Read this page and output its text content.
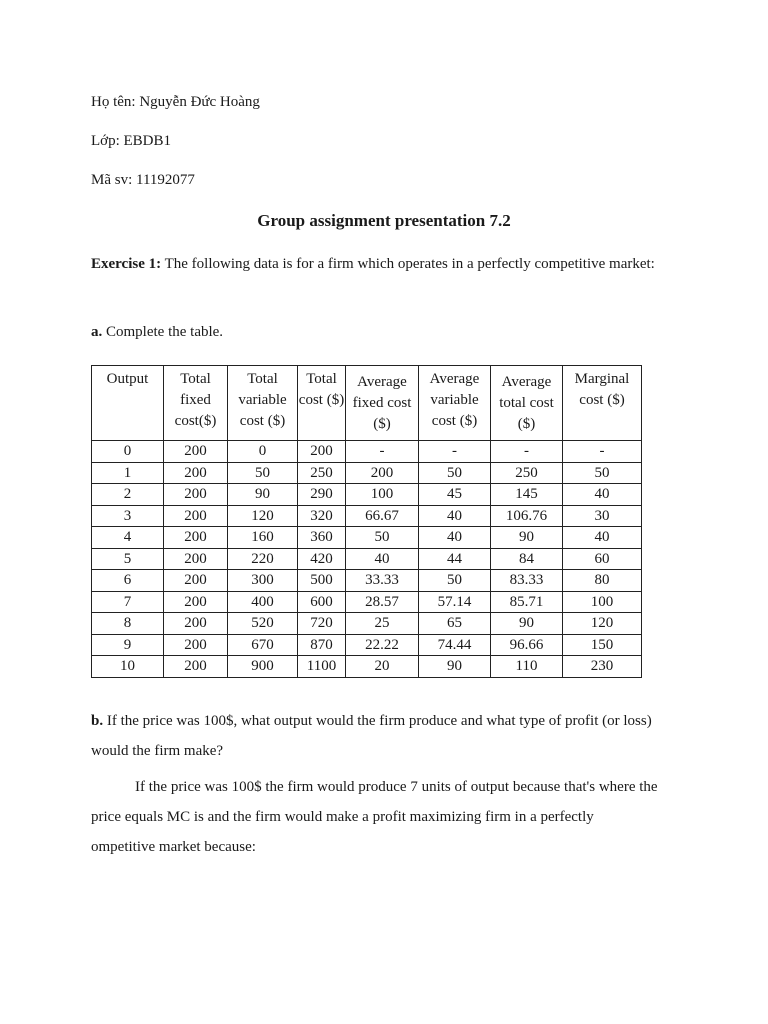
Họ tên: Nguyễn Đức Hoàng

Lớp: EBDB1

Mã sv: 11192077

Group assignment presentation 7.2

Exercise 1: The following data is for a firm which operates in a perfectly competitive market:

a. Complete the table.

Output	Total fixed cost($)	Total variable cost ($)	Total cost ($)	Average fixed cost ($)	Average variable cost ($)	Average total cost ($)	Marginal cost ($)
0	200	0	200	-	-	-	-
1	200	50	250	200	50	250	50
2	200	90	290	100	45	145	40
3	200	120	320	66.67	40	106.76	30
4	200	160	360	50	40	90	40
5	200	220	420	40	44	84	60
6	200	300	500	33.33	50	83.33	80
7	200	400	600	28.57	57.14	85.71	100
8	200	520	720	25	65	90	120
9	200	670	870	22.22	74.44	96.66	150
10	200	900	1100	20	90	110	230

b. If the price was 100$, what output would the firm produce and what type of profit (or loss) would the firm make?

If the price was 100$ the firm would produce 7 units of output because that's where the price equals MC is and the firm would make a profit maximizing firm in a perfectly ompetitive market because:
